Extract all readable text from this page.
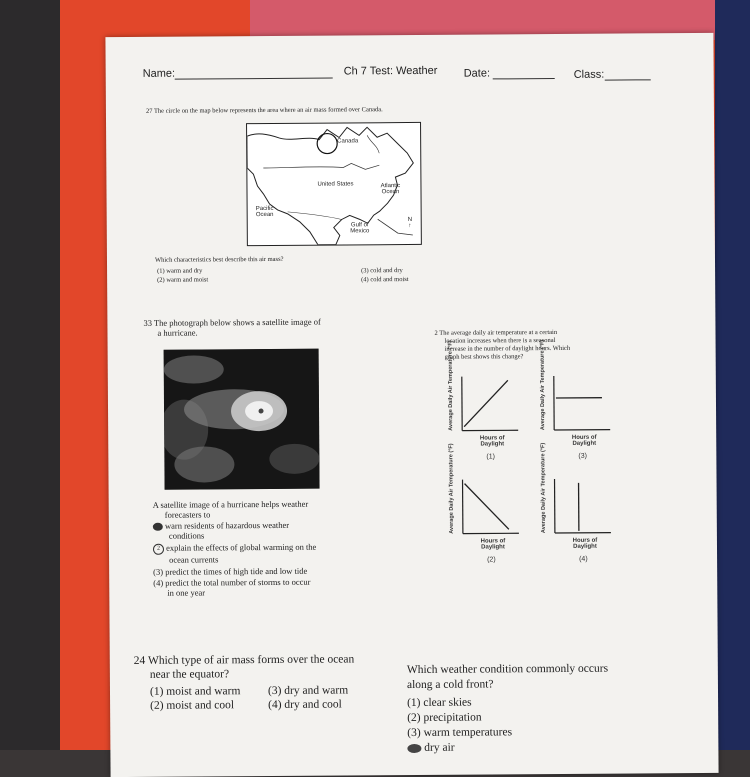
Name:	Ch 7 Test: Weather Date:	Class:
27 The circle on the map below represents the area where an air mass formed over Canada.
Canada
United States	Atlantic Ocean
Pacific Ocean
Gulf of Mexico
N
↑
Which characteristics best describe this air mass?
(1) warm and dry
(2) warm and moist
(3) cold and dry
(4) cold and moist
33 The photograph below shows a satellite image of
a hurricane.
A satellite image of a hurricane helps weather
forecasters to
warn residents of hazardous weather
conditions
2 explain the effects of global warming on the
ocean currents
(3) predict the times of high tide and low tide
(4) predict the total number of storms to occur
in one year
2 The average daily air temperature at a certain
location increases when there is a seasonal
increase in the number of daylight hours. Which
graph best shows this change?
Average Daily Air Temperature (°F)
Hours of
Daylight
(1)
Average Daily Air Temperature (°F)
Hours of
Daylight
(3)
Average Daily Air Temperature (°F)
Hours of
Daylight
(2)
Average Daily Air Temperature (°F)
Hours of
Daylight
(4)
24 Which type of air mass forms over the ocean
near the equator?
(1) moist and warm
(2) moist and cool
(3) dry and warm
(4) dry and cool
Which weather condition commonly occurs
along a cold front?
(1) clear skies
(2) precipitation
(3) warm temperatures
dry air
